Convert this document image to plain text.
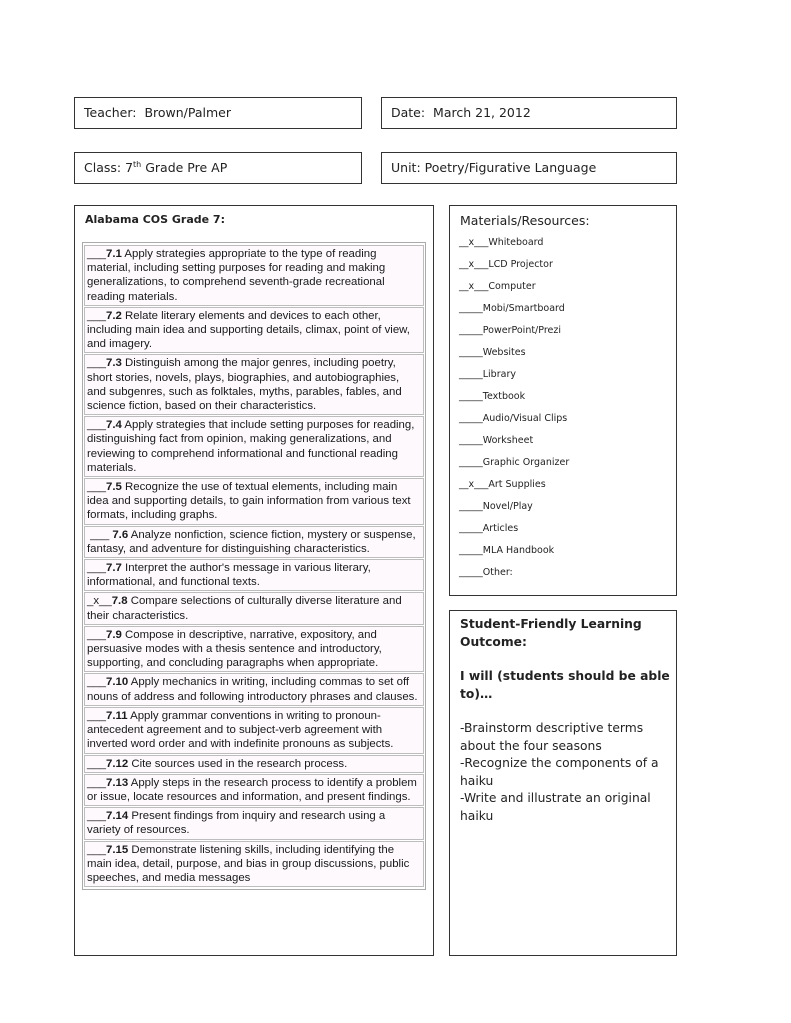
Teacher: Brown/Palmer	Date: March 21, 2012
Class: 7th Grade Pre AP	Unit: Poetry/Figurative Language
Alabama COS Grade 7:
___7.1 Apply strategies appropriate to the type of reading material, including setting purposes for reading and making generalizations, to comprehend seventh-grade recreational reading materials.
___7.2 Relate literary elements and devices to each other, including main idea and supporting details, climax, point of view, and imagery.
___7.3 Distinguish among the major genres, including poetry, short stories, novels, plays, biographies, and autobiographies, and subgenres, such as folktales, myths, parables, fables, and science fiction, based on their characteristics.
___7.4 Apply strategies that include setting purposes for reading, distinguishing fact from opinion, making generalizations, and reviewing to comprehend informational and functional reading materials.
___7.5 Recognize the use of textual elements, including main idea and supporting details, to gain information from various text formats, including graphs.
___ 7.6 Analyze nonfiction, science fiction, mystery or suspense, fantasy, and adventure for distinguishing characteristics.
___7.7 Interpret the author's message in various literary, informational, and functional texts.
_x__7.8 Compare selections of culturally diverse literature and their characteristics.
___7.9 Compose in descriptive, narrative, expository, and persuasive modes with a thesis sentence and introductory, supporting, and concluding paragraphs when appropriate.
___7.10 Apply mechanics in writing, including commas to set off nouns of address and following introductory phrases and clauses.
___7.11 Apply grammar conventions in writing to pronoun-antecedent agreement and to subject-verb agreement with inverted word order and with indefinite pronouns as subjects.
___7.12 Cite sources used in the research process.
___7.13 Apply steps in the research process to identify a problem or issue, locate resources and information, and present findings.
___7.14 Present findings from inquiry and research using a variety of resources.
___7.15 Demonstrate listening skills, including identifying the main idea, detail, purpose, and bias in group discussions, public speeches, and media messages
Materials/Resources:
__x___Whiteboard
__x___LCD Projector
__x___Computer
_____Mobi/Smartboard
_____PowerPoint/Prezi
_____Websites
_____Library
_____Textbook
_____Audio/Visual Clips
_____Worksheet
_____Graphic Organizer
__x___Art Supplies
_____Novel/Play
_____Articles
_____MLA Handbook
_____Other:

Student-Friendly Learning Outcome:

I will (students should be able to)…

-Brainstorm descriptive terms about the four seasons

-Recognize the components of a haiku

-Write and illustrate an original haiku
